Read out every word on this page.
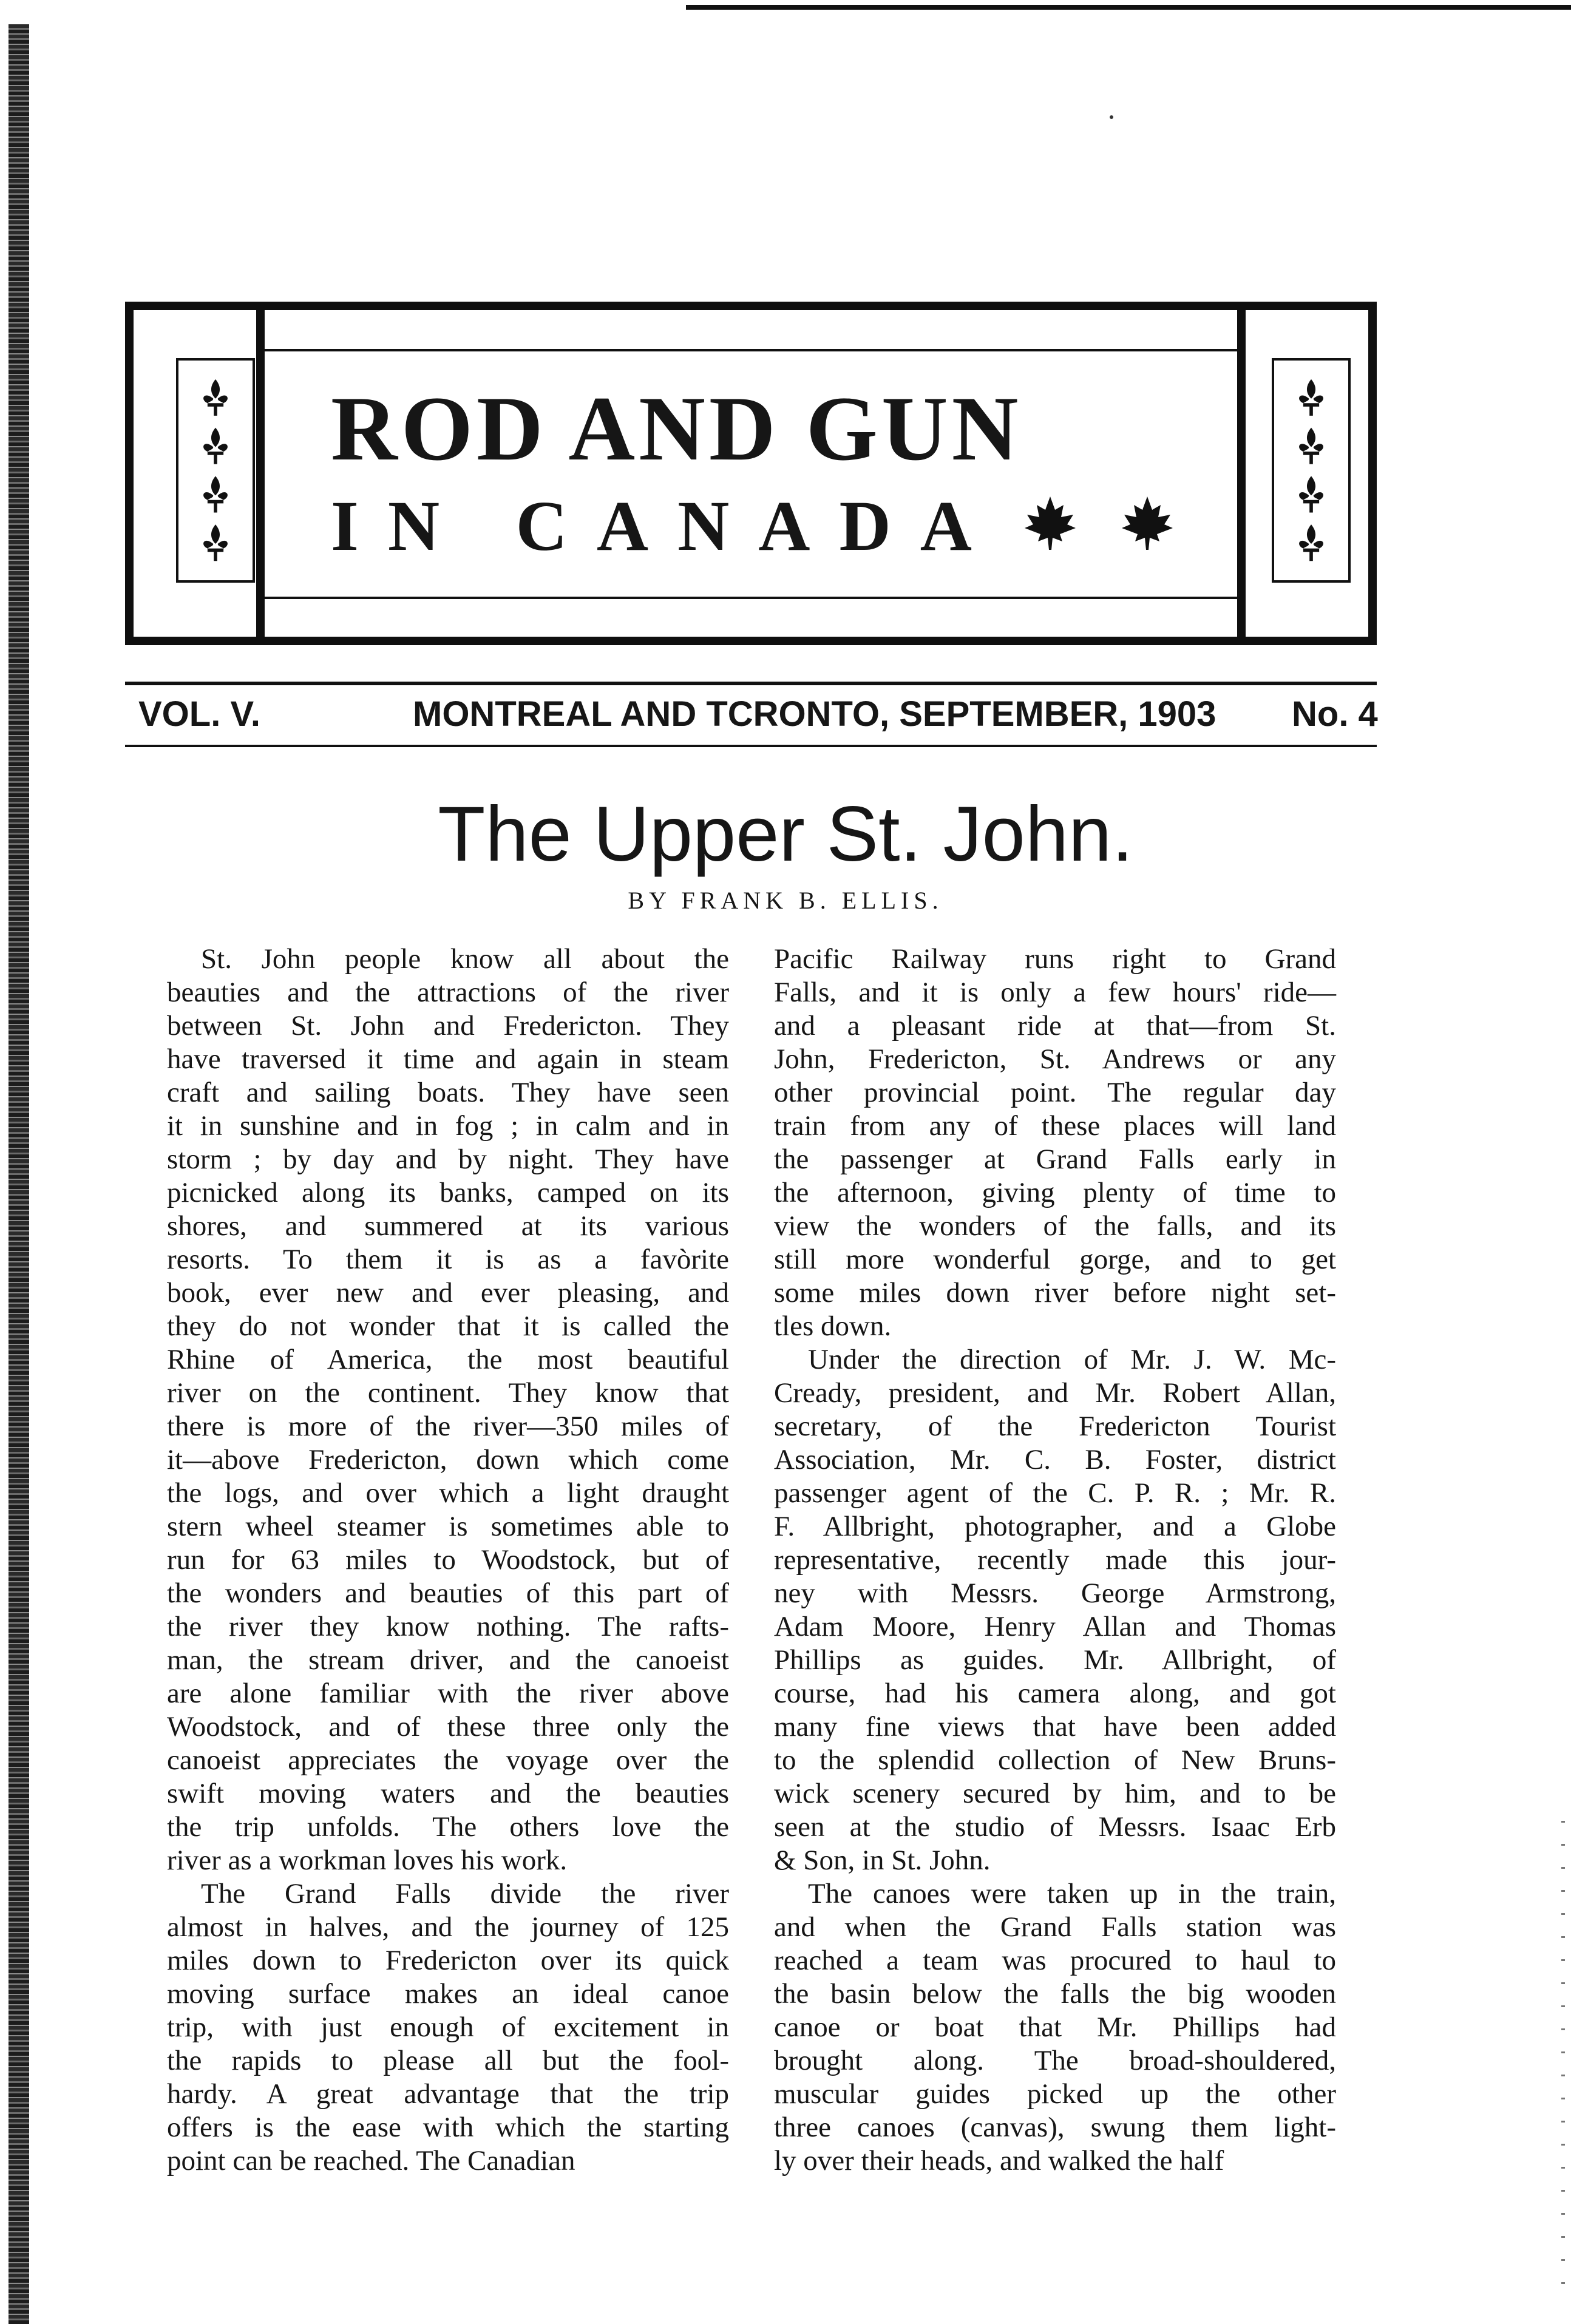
ROD AND GUN
IN CANADA
VOL. V.	MONTREAL AND TCRONTO, SEPTEMBER, 1903 No. 4
The Upper St. John.
BY FRANK B. ELLIS.
St. John people know all about the
beauties and the attractions of the river
between St. John and Fredericton. They
have traversed it time and again in steam
craft and sailing boats. They have seen
it in sunshine and in fog ; in calm and in
storm ; by day and by night. They have
picnicked along its banks, camped on its
shores, and summered at its various
resorts. To them it is as a favòrite
book, ever new and ever pleasing, and
they do not wonder that it is called the
Rhine of America, the most beautiful
river on the continent. They know that
there is more of the river—350 miles of
it—above Fredericton, down which come
the logs, and over which a light draught
stern wheel steamer is sometimes able to
run for 63 miles to Woodstock, but of
the wonders and beauties of this part of
the river they know nothing. The rafts-
man, the stream driver, and the canoeist
are alone familiar with the river above
Woodstock, and of these three only the
canoeist appreciates the voyage over the
swift moving waters and the beauties
the trip unfolds. The others love the
river as a workman loves his work.
The Grand Falls divide the river
almost in halves, and the journey of 125
miles down to Fredericton over its quick
moving surface makes an ideal canoe
trip, with just enough of excitement in
the rapids to please all but the fool-
hardy. A great advantage that the trip
offers is the ease with which the starting
point can be reached. The Canadian
Pacific Railway runs right to Grand
Falls, and it is only a few hours' ride—
and a pleasant ride at that—from St.
John, Fredericton, St. Andrews or any
other provincial point. The regular day
train from any of these places will land
the passenger at Grand Falls early in
the afternoon, giving plenty of time to
view the wonders of the falls, and its
still more wonderful gorge, and to get
some miles down river before night set-
tles down.
Under the direction of Mr. J. W. Mc-
Cready, president, and Mr. Robert Allan,
secretary, of the Fredericton Tourist
Association, Mr. C. B. Foster, district
passenger agent of the C. P. R. ; Mr. R.
F. Allbright, photographer, and a Globe
representative, recently made this jour-
ney with Messrs. George Armstrong,
Adam Moore, Henry Allan and Thomas
Phillips as guides. Mr. Allbright, of
course, had his camera along, and got
many fine views that have been added
to the splendid collection of New Bruns-
wick scenery secured by him, and to be
seen at the studio of Messrs. Isaac Erb
& Son, in St. John.
The canoes were taken up in the train,
and when the Grand Falls station was
reached a team was procured to haul to
the basin below the falls the big wooden
canoe or boat that Mr. Phillips had
brought along. The broad-shouldered,
muscular guides picked up the other
three canoes (canvas), swung them light-
ly over their heads, and walked the half
